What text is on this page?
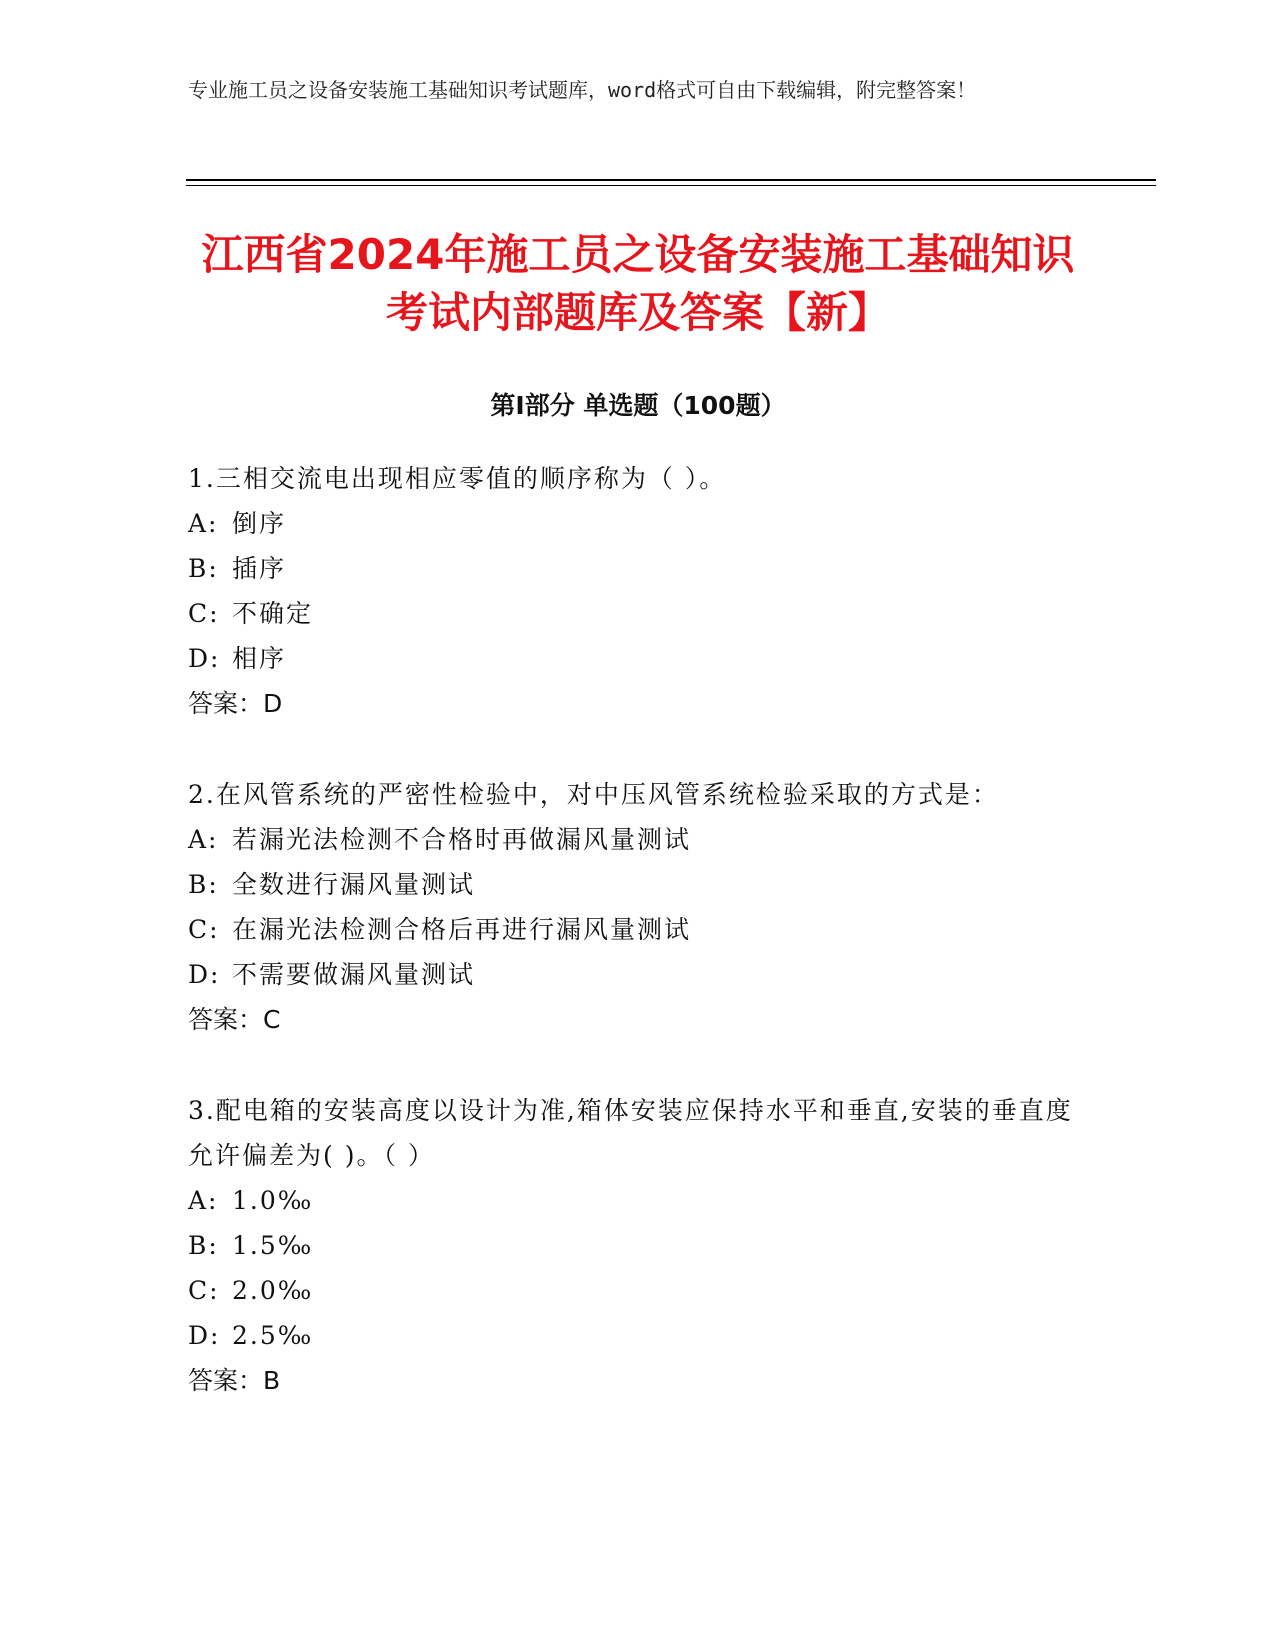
专业施工员之设备安装施工基础知识考试题库，word格式可自由下载编辑，附完整答案！
江西省2024年施工员之设备安装施工基础知识考试内部题库及答案【新】
第Ⅰ部分 单选题（100题）
1.三相交流电出现相应零值的顺序称为（ ）。
A: 倒序
B: 插序
C: 不确定
D: 相序
答案：D
2.在风管系统的严密性检验中，对中压风管系统检验采取的方式是：
A: 若漏光法检测不合格时再做漏风量测试
B: 全数进行漏风量测试
C: 在漏光法检测合格后再进行漏风量测试
D: 不需要做漏风量测试
答案：C
3.配电箱的安装高度以设计为准,箱体安装应保持水平和垂直,安装的垂直度允许偏差为( )。（ ）
A: 1.0‰
B: 1.5‰
C: 2.0‰
D: 2.5‰
答案：B
